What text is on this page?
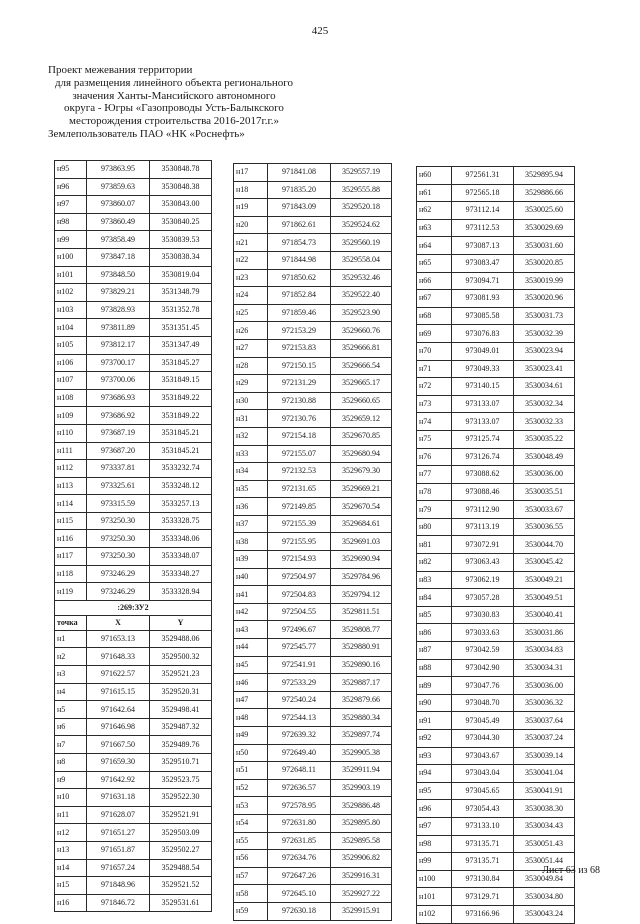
425
Проект межевания территории
для размещения линейного объекта регионального
значения Ханты-Мансийского автономного
округа - Югры «Газопроводы Усть-Балыкского
месторождения строительства 2016-2017г.г.»
Землепользователь ПАО «НК «Роснефть»
н95	973863.95	3530848.78
н96	973859.63	3530848.38
н97	973860.07	3530843.00
н98	973860.49	3530840.25
н99	973858.49	3530839.53
н100	973847.18	3530838.34
н101	973848.50	3530819.04
н102	973829.21	3531348.79
н103	973828.93	3531352.78
н104	973811.89	3531351.45
н105	973812.17	3531347.49
н106	973700.17	3531845.27
н107	973700.06	3531849.15
н108	973686.93	3531849.22
н109	973686.92	3531849.22
н110	973687.19	3531845.21
н111	973687.20	3531845.21
н112	973337.81	3533232.74
н113	973325.61	3533248.12
н114	973315.59	3533257.13
н115	973250.30	3533328.75
н116	973250.30	3533348.06
н117	973250.30	3533348.07
н118	973246.29	3533348.27
н119	973246.29	3533328.94
:269:ЗУ2		
точка	X	Y
н1	971653.13	3529488.06
н2	971648.33	3529500.32
н3	971622.57	3529521.23
н4	971615.15	3529520.31
н5	971642.64	3529498.41
н6	971646.98	3529487.32
н7	971667.50	3529489.76
н8	971659.30	3529510.71
н9	971642.92	3529523.75
н10	971631.18	3529522.30
н11	971628.07	3529521.91
н12	971651.27	3529503.09
н13	971651.87	3529502.27
н14	971657.24	3529488.54
н15	971848.96	3529521.52
н16	971846.72	3529531.61
н17	971841.08	3529557.19
н18	971835.20	3529555.88
н19	971843.09	3529520.18
н20	971862.61	3529524.62
н21	971854.73	3529560.19
н22	971844.98	3529558.04
н23	971850.62	3529532.46
н24	971852.84	3529522.40
н25	971859.46	3529523.90
н26	972153.29	3529660.76
н27	972153.83	3529666.81
н28	972150.15	3529666.54
н29	972131.29	3529665.17
н30	972130.88	3529660.65
н31	972130.76	3529659.12
н32	972154.18	3529670.85
н33	972155.07	3529680.94
н34	972132.53	3529679.30
н35	972131.65	3529669.21
н36	972149.85	3529670.54
н37	972155.39	3529684.61
н38	972155.95	3529691.03
н39	972154.93	3529690.94
н40	972504.97	3529784.96
н41	972504.83	3529794.12
н42	972504.55	3529811.51
н43	972496.67	3529808.77
н44	972545.77	3529880.91
н45	972541.91	3529890.16
н46	972533.29	3529887.17
н47	972540.24	3529879.66
н48	972544.13	3529880.34
н49	972639.32	3529897.74
н50	972649.40	3529905.38
н51	972648.11	3529911.94
н52	972636.57	3529903.19
н53	972578.95	3529886.48
н54	972631.80	3529895.80
н55	972631.85	3529895.58
н56	972634.76	3529906.82
н57	972647.26	3529916.31
н58	972645.10	3529927.22
н59	972630.18	3529915.91
н60	972561.31	3529895.94
н61	972565.18	3529886.66
н62	973112.14	3530025.60
н63	973112.53	3530029.69
н64	973087.13	3530031.60
н65	973083.47	3530020.85
н66	973094.71	3530019.99
н67	973081.93	3530020.96
н68	973085.58	3530031.73
н69	973076.83	3530032.39
н70	973049.01	3530023.94
н71	973049.33	3530023.41
н72	973140.15	3530034.61
н73	973133.07	3530032.34
н74	973133.07	3530032.33
н75	973125.74	3530035.22
н76	973126.74	3530048.49
н77	973088.62	3530036.00
н78	973088.46	3530035.51
н79	973112.90	3530033.67
н80	973113.19	3530036.55
н81	973072.91	3530044.70
н82	973063.43	3530045.42
н83	973062.19	3530049.21
н84	973057.28	3530049.51
н85	973030.83	3530040.41
н86	973033.63	3530031.86
н87	973042.59	3530034.83
н88	973042.90	3530034.31
н89	973047.76	3530036.00
н90	973048.70	3530036.32
н91	973045.49	3530037.64
н92	973044.30	3530037.24
н93	973043.67	3530039.14
н94	973043.04	3530041.04
н95	973045.65	3530041.91
н96	973054.43	3530038.30
н97	973133.10	3530034.43
н98	973135.71	3530051.43
н99	973135.71	3530051.44
н100	973130.84	3530049.84
н101	973129.71	3530034.80
н102	973166.96	3530043.24
Лист 63 из 68
